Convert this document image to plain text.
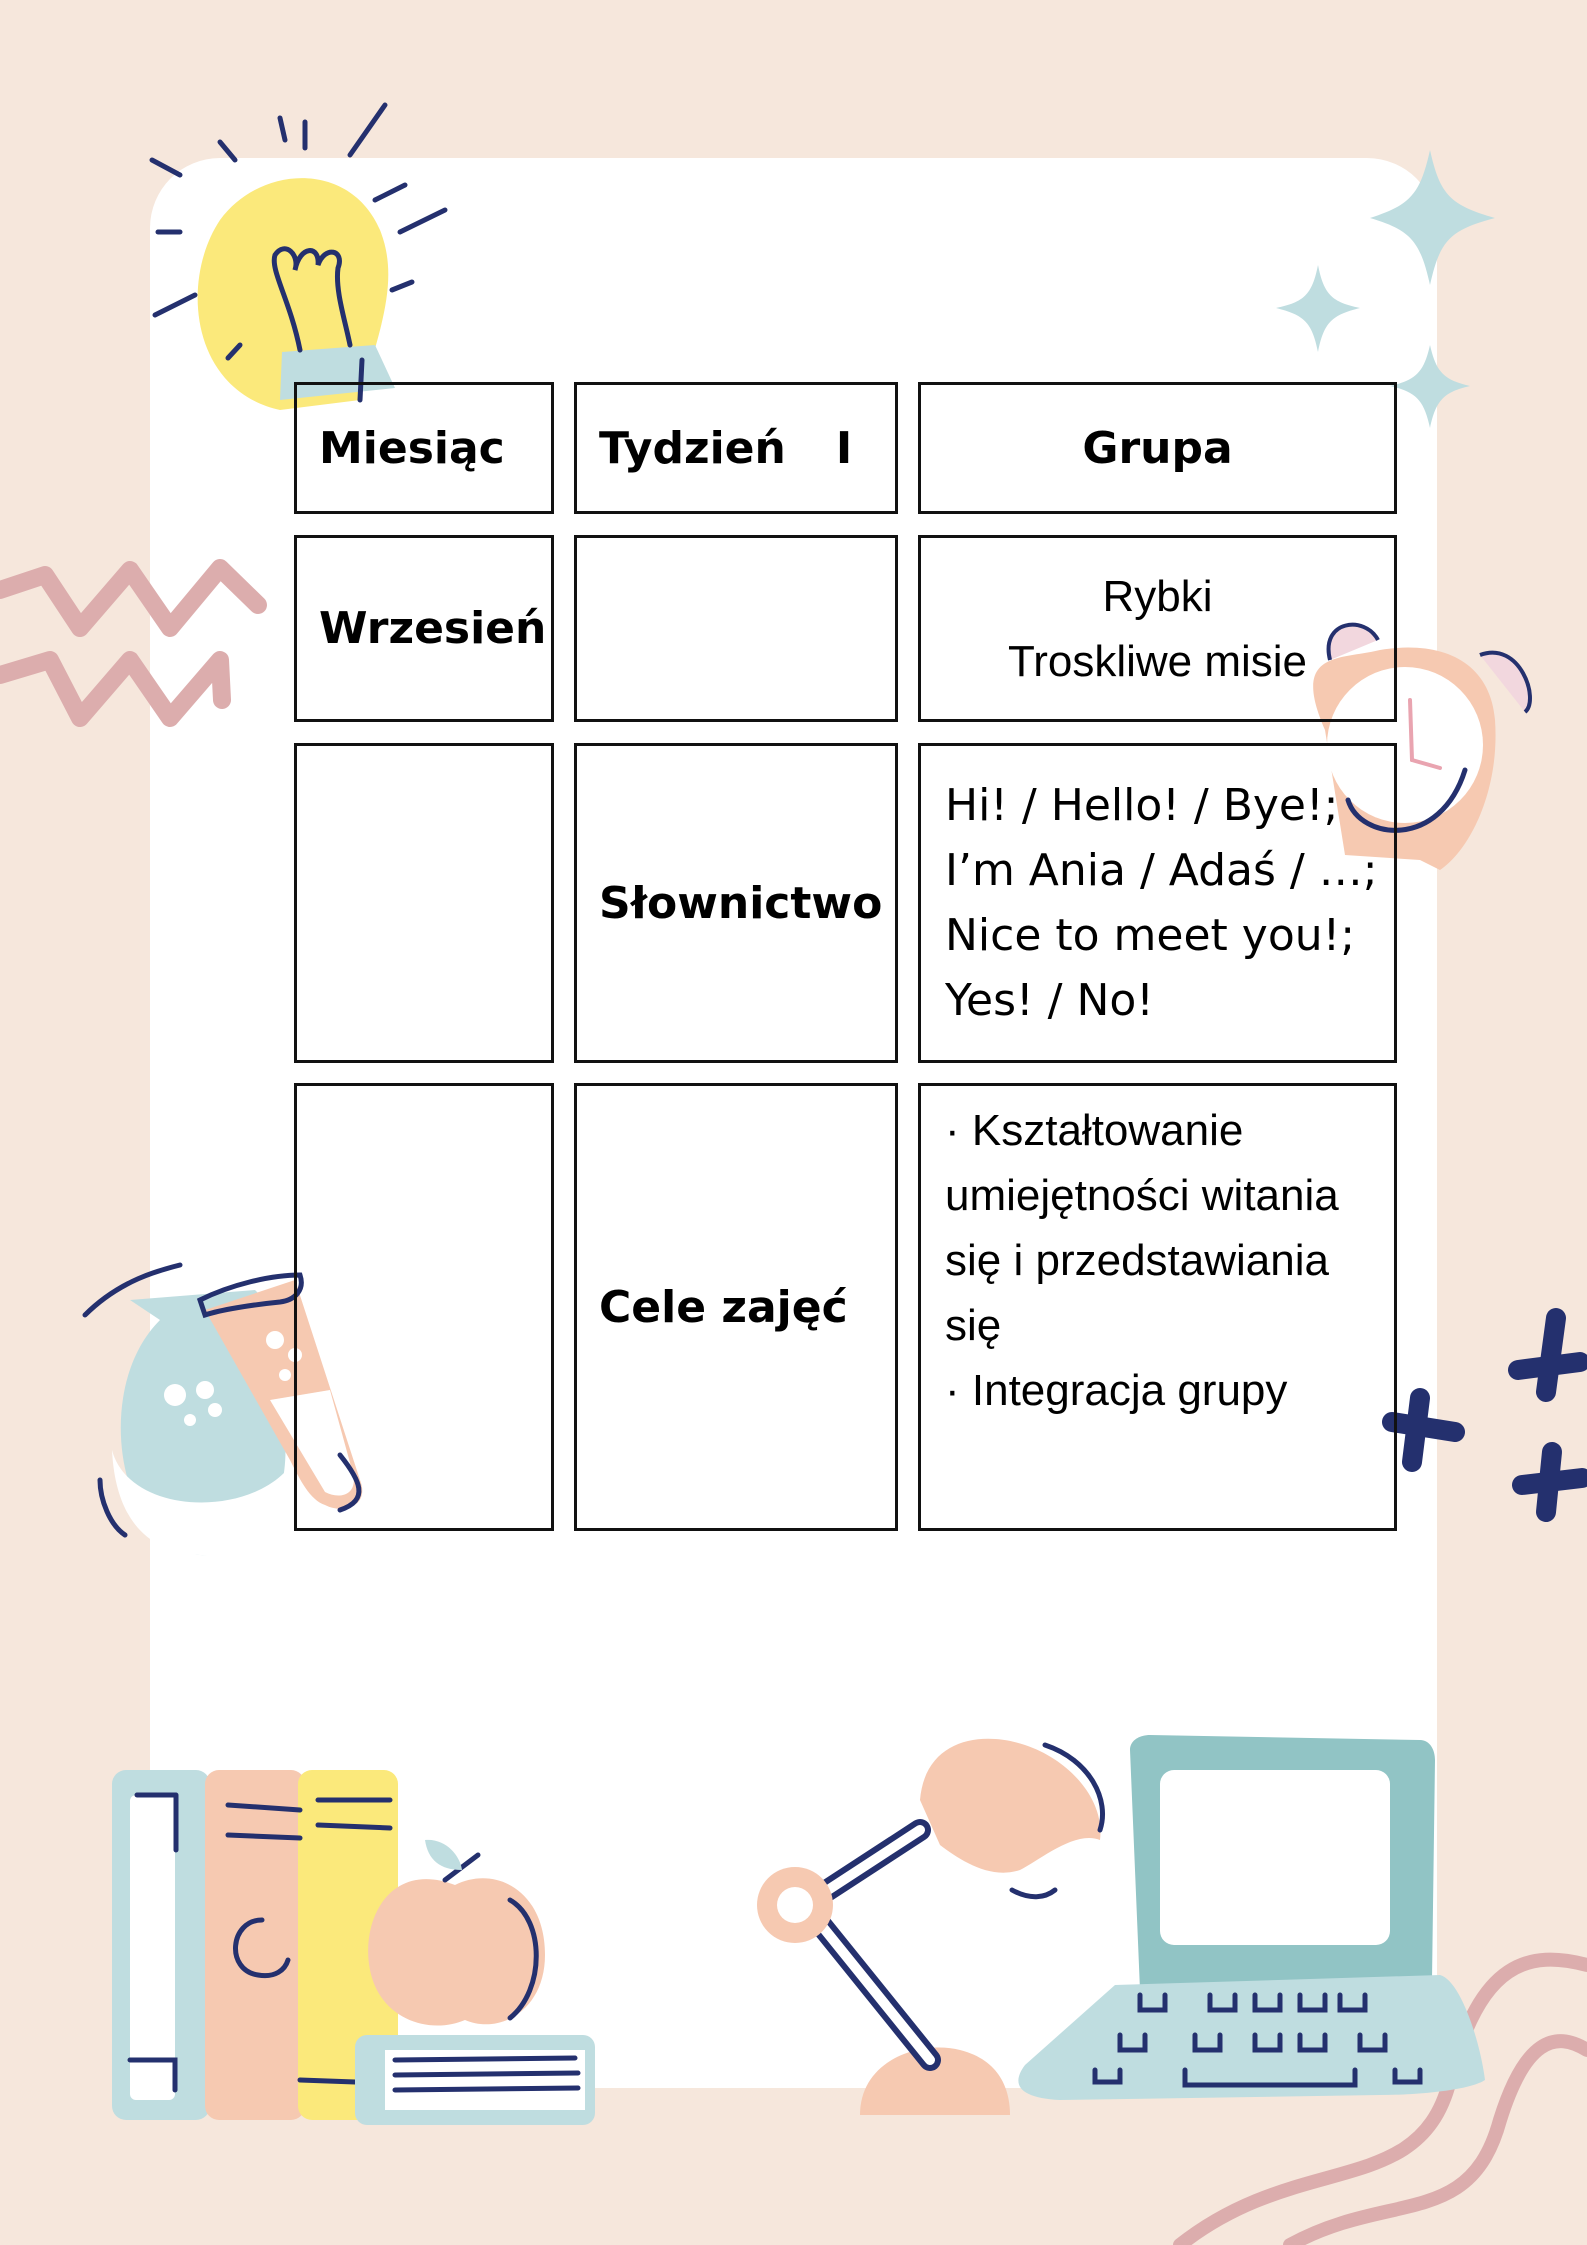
Miesiąc Tydzień I	Grupa
Wrzesień
Rybki
Troskliwe misie
Słownictwo
Hi! / Hello! / Bye!;
I’m Ania / Adaś / …;
Nice to meet you!;
Yes! / No!
Cele zajęć
· Kształtowanie
umiejętności witania
się i przedstawiania
się
· Integracja grupy
